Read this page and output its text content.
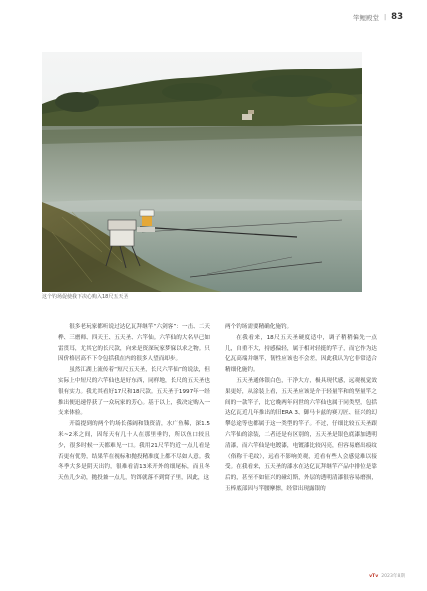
竿鲤殿堂 | 83
这个钓场促使我下决心购入18尺五天圣

很多老玩家都听说过达亿瓦拜继竿“六剑客”：一击、二天桦、三磨师、四天王、五天圣、六竿仙。六竿仙的大名早已如雷贯耳，尤其它的长尺款，向来是资深玩家梦寐以求之物。只因价格居高不下令包括我在内的很多人望而却步。

虽然江湖上流传着“短尺五天圣，长尺六竿仙”的说法，但实际上中短尺的六竿仙也是好东西，同样地，长尺的五天圣也很有实力。我尤其看好17尺和18尺款。五天圣于1997年一经推出便迅速俘获了一众玩家的芳心。基于以上，我决定购入一支来体验。

开篇提到的两个钓场长孫阔和钱资清，水广鱼稀，深1.5米~2米之间，因每天有几十人在那里垂钓，所以鱼口较且少，很多时候一天都难见一口。我用21尺竿钓近一点儿看是否更有优势，结果竿在视标和抛投精准度上都不尽如人意。我冬季大多是阴天出钓，很难看清13米开外的细尾标，而且冬天鱼儿少动，抛投兼一点儿，钓饵就落不到窝子里，因此，这

两个钓场需要精确化施钓。

在我看来，18尺五天圣硬度适中，调子稍稍偏先一点儿，自重不大，持感偏轻，属于相对轻挺的竿子，而它作为达亿瓦高端并继竿，韧性应该也不会差，因此我认为它非常适合精细化施钓。

五天圣通体银白色，干净大方，极具现代感，远观视觉效果更好，从涂装上看，五天圣应该是介于轻量竿和的坚量竿之间的一款竿子，比它晚两年问世的六竿仙也属于同类型，包括达亿瓦近几年推出的旧ERA 3、御马卡兹的赛刀匠、征兴的幻攀总途等也都属于这一类型的竿子。不过，仔细比较五天圣跟六竿仙的涂装，二者还是有区别的，五天圣是银色底漆加透明清漆，而六竿仙是电镀漆，电镀漆比较闪亮，但容易磨出痕纹（俗称干毛纹），远看不影响美观，近看有些人会感觉难以接受。在我看来，五天圣的漆水在达亿瓦拜继竿产品中排位是靠后的，甚至不如征兴的碰幻斯，外层的透明清漆很容易磨损，玉棒底部因与竿腰摩擦，经常出现露银的

vTv 2023年8期
